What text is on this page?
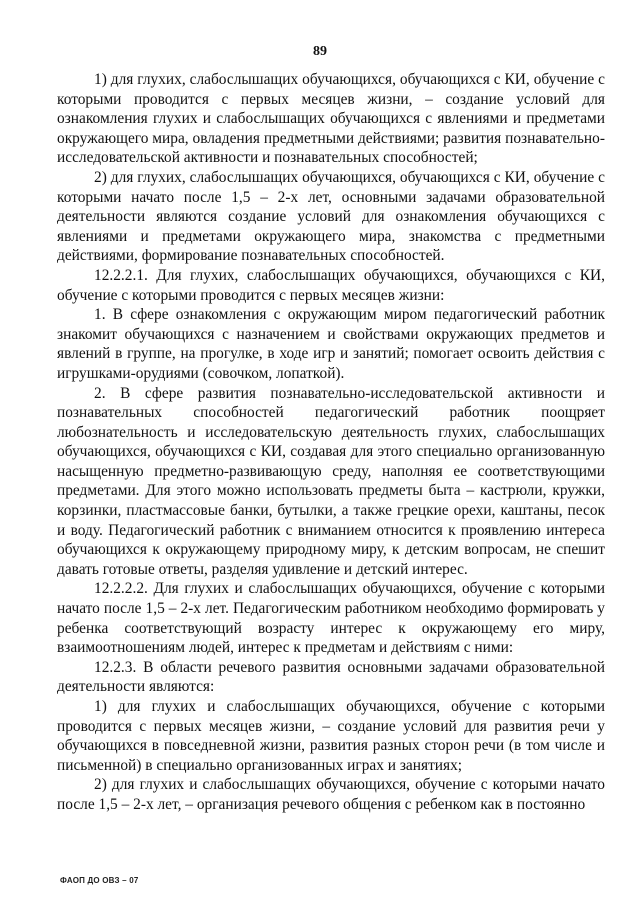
89

1) для глухих, слабослышащих обучающихся, обучающихся с КИ, обучение с которыми проводится с первых месяцев жизни, – создание условий для ознакомления глухих и слабослышащих обучающихся с явлениями и предметами окружающего мира, овладения предметными действиями; развития познавательно-исследовательской активности и познавательных способностей;

2) для глухих, слабослышащих обучающихся, обучающихся с КИ, обучение с которыми начато после 1,5 – 2-х лет, основными задачами образовательной деятельности являются создание условий для ознакомления обучающихся с явлениями и предметами окружающего мира, знакомства с предметными действиями, формирование познавательных способностей.

12.2.2.1. Для глухих, слабослышащих обучающихся, обучающихся с КИ, обучение с которыми проводится с первых месяцев жизни:

1. В сфере ознакомления с окружающим миром педагогический работник знакомит обучающихся с назначением и свойствами окружающих предметов и явлений в группе, на прогулке, в ходе игр и занятий; помогает освоить действия с игрушками-орудиями (совочком, лопаткой).

2. В сфере развития познавательно-исследовательской активности и познавательных способностей педагогический работник поощряет любознательность и исследовательскую деятельность глухих, слабослышащих обучающихся, обучающихся с КИ, создавая для этого специально организованную насыщенную предметно-развивающую среду, наполняя ее соответствующими предметами. Для этого можно использовать предметы быта – кастрюли, кружки, корзинки, пластмассовые банки, бутылки, а также грецкие орехи, каштаны, песок и воду. Педагогический работник с вниманием относится к проявлению интереса обучающихся к окружающему природному миру, к детским вопросам, не спешит давать готовые ответы, разделяя удивление и детский интерес.

12.2.2.2. Для глухих и слабослышащих обучающихся, обучение с которыми начато после 1,5 – 2-х лет. Педагогическим работником необходимо формировать у ребенка соответствующий возрасту интерес к окружающему его миру, взаимоотношениям людей, интерес к предметам и действиям с ними:

12.2.3. В области речевого развития основными задачами образовательной деятельности являются:

1) для глухих и слабослышащих обучающихся, обучение с которыми проводится с первых месяцев жизни, – создание условий для развития речи у обучающихся в повседневной жизни, развития разных сторон речи (в том числе и письменной) в специально организованных играх и занятиях;

2) для глухих и слабослышащих обучающихся, обучение с которыми начато после 1,5 – 2-х лет, – организация речевого общения с ребенком как в постоянно

ФАОП ДО ОВЗ – 07
